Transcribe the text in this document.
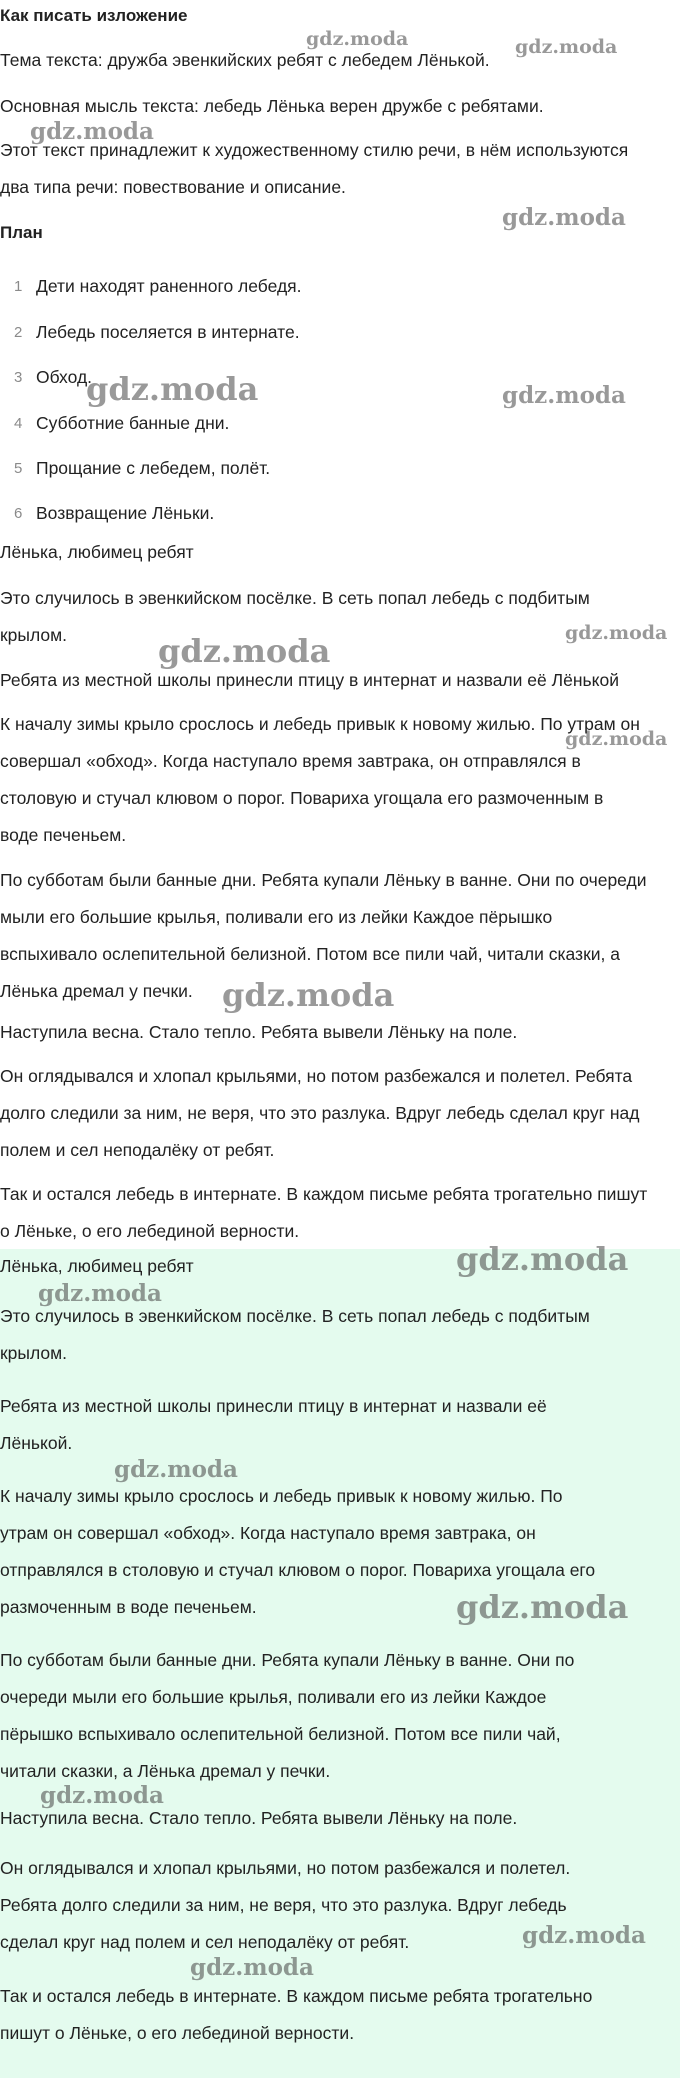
Как писать изложение
Тема текста: дружба эвенкийских ребят с лебедем Лёнькой.
Основная мысль текста: лебедь Лёнька верен дружбе с ребятами.
Этот текст принадлежит к художественному стилю речи, в нём используются
два типа речи: повествование и описание.
План
1 Дети находят раненного лебедя.
2 Лебедь поселяется в интернате.
3 Обход.
4 Субботние банные дни.
5 Прощание с лебедем, полёт.
6 Возвращение Лёньки.
Лёнька, любимец ребят
Это случилось в эвенкийском посёлке. В сеть попал лебедь с подбитым
крылом.
Ребята из местной школы принесли птицу в интернат и назвали её Лёнькой
К началу зимы крыло срослось и лебедь привык к новому жилью. По утрам он
совершал «обход». Когда наступало время завтрака, он отправлялся в
столовую и стучал клювом о порог. Повариха угощала его размоченным в
воде печеньем.
По субботам были банные дни. Ребята купали Лёньку в ванне. Они по очереди
мыли его большие крылья, поливали его из лейки Каждое пёрышко
вспыхивало ослепительной белизной. Потом все пили чай, читали сказки, а
Лёнька дремал у печки.
Наступила весна. Стало тепло. Ребята вывели Лёньку на поле.
Он оглядывался и хлопал крыльями, но потом разбежался и полетел. Ребята
долго следили за ним, не веря, что это разлука. Вдруг лебедь сделал круг над
полем и сел неподалёку от ребят.
Так и остался лебедь в интернате. В каждом письме ребята трогательно пишут
о Лёньке, о его лебединой верности.
Лёнька, любимец ребят
Это случилось в эвенкийском посёлке. В сеть попал лебедь с подбитым
крылом.
Ребята из местной школы принесли птицу в интернат и назвали её
Лёнькой.
К началу зимы крыло срослось и лебедь привык к новому жилью. По
утрам он совершал «обход». Когда наступало время завтрака, он
отправлялся в столовую и стучал клювом о порог. Повариха угощала его
размоченным в воде печеньем.
По субботам были банные дни. Ребята купали Лёньку в ванне. Они по
очереди мыли его большие крылья, поливали его из лейки Каждое
пёрышко вспыхивало ослепительной белизной. Потом все пили чай,
читали сказки, а Лёнька дремал у печки.
Наступила весна. Стало тепло. Ребята вывели Лёньку на поле.
Он оглядывался и хлопал крыльями, но потом разбежался и полетел.
Ребята долго следили за ним, не веря, что это разлука. Вдруг лебедь
сделал круг над полем и сел неподалёку от ребят.
Так и остался лебедь в интернате. В каждом письме ребята трогательно
пишут о Лёньке, о его лебединой верности.
gdz.moda	gdz.moda
gdz.moda
gdz.moda
gdz.moda	gdz.moda
gdz.moda
gdz.moda
gdz.moda
gdz.moda
gdz.moda
gdz.moda
gdz.moda
gdz.moda
gdz.moda
gdz.moda
gdz.moda
